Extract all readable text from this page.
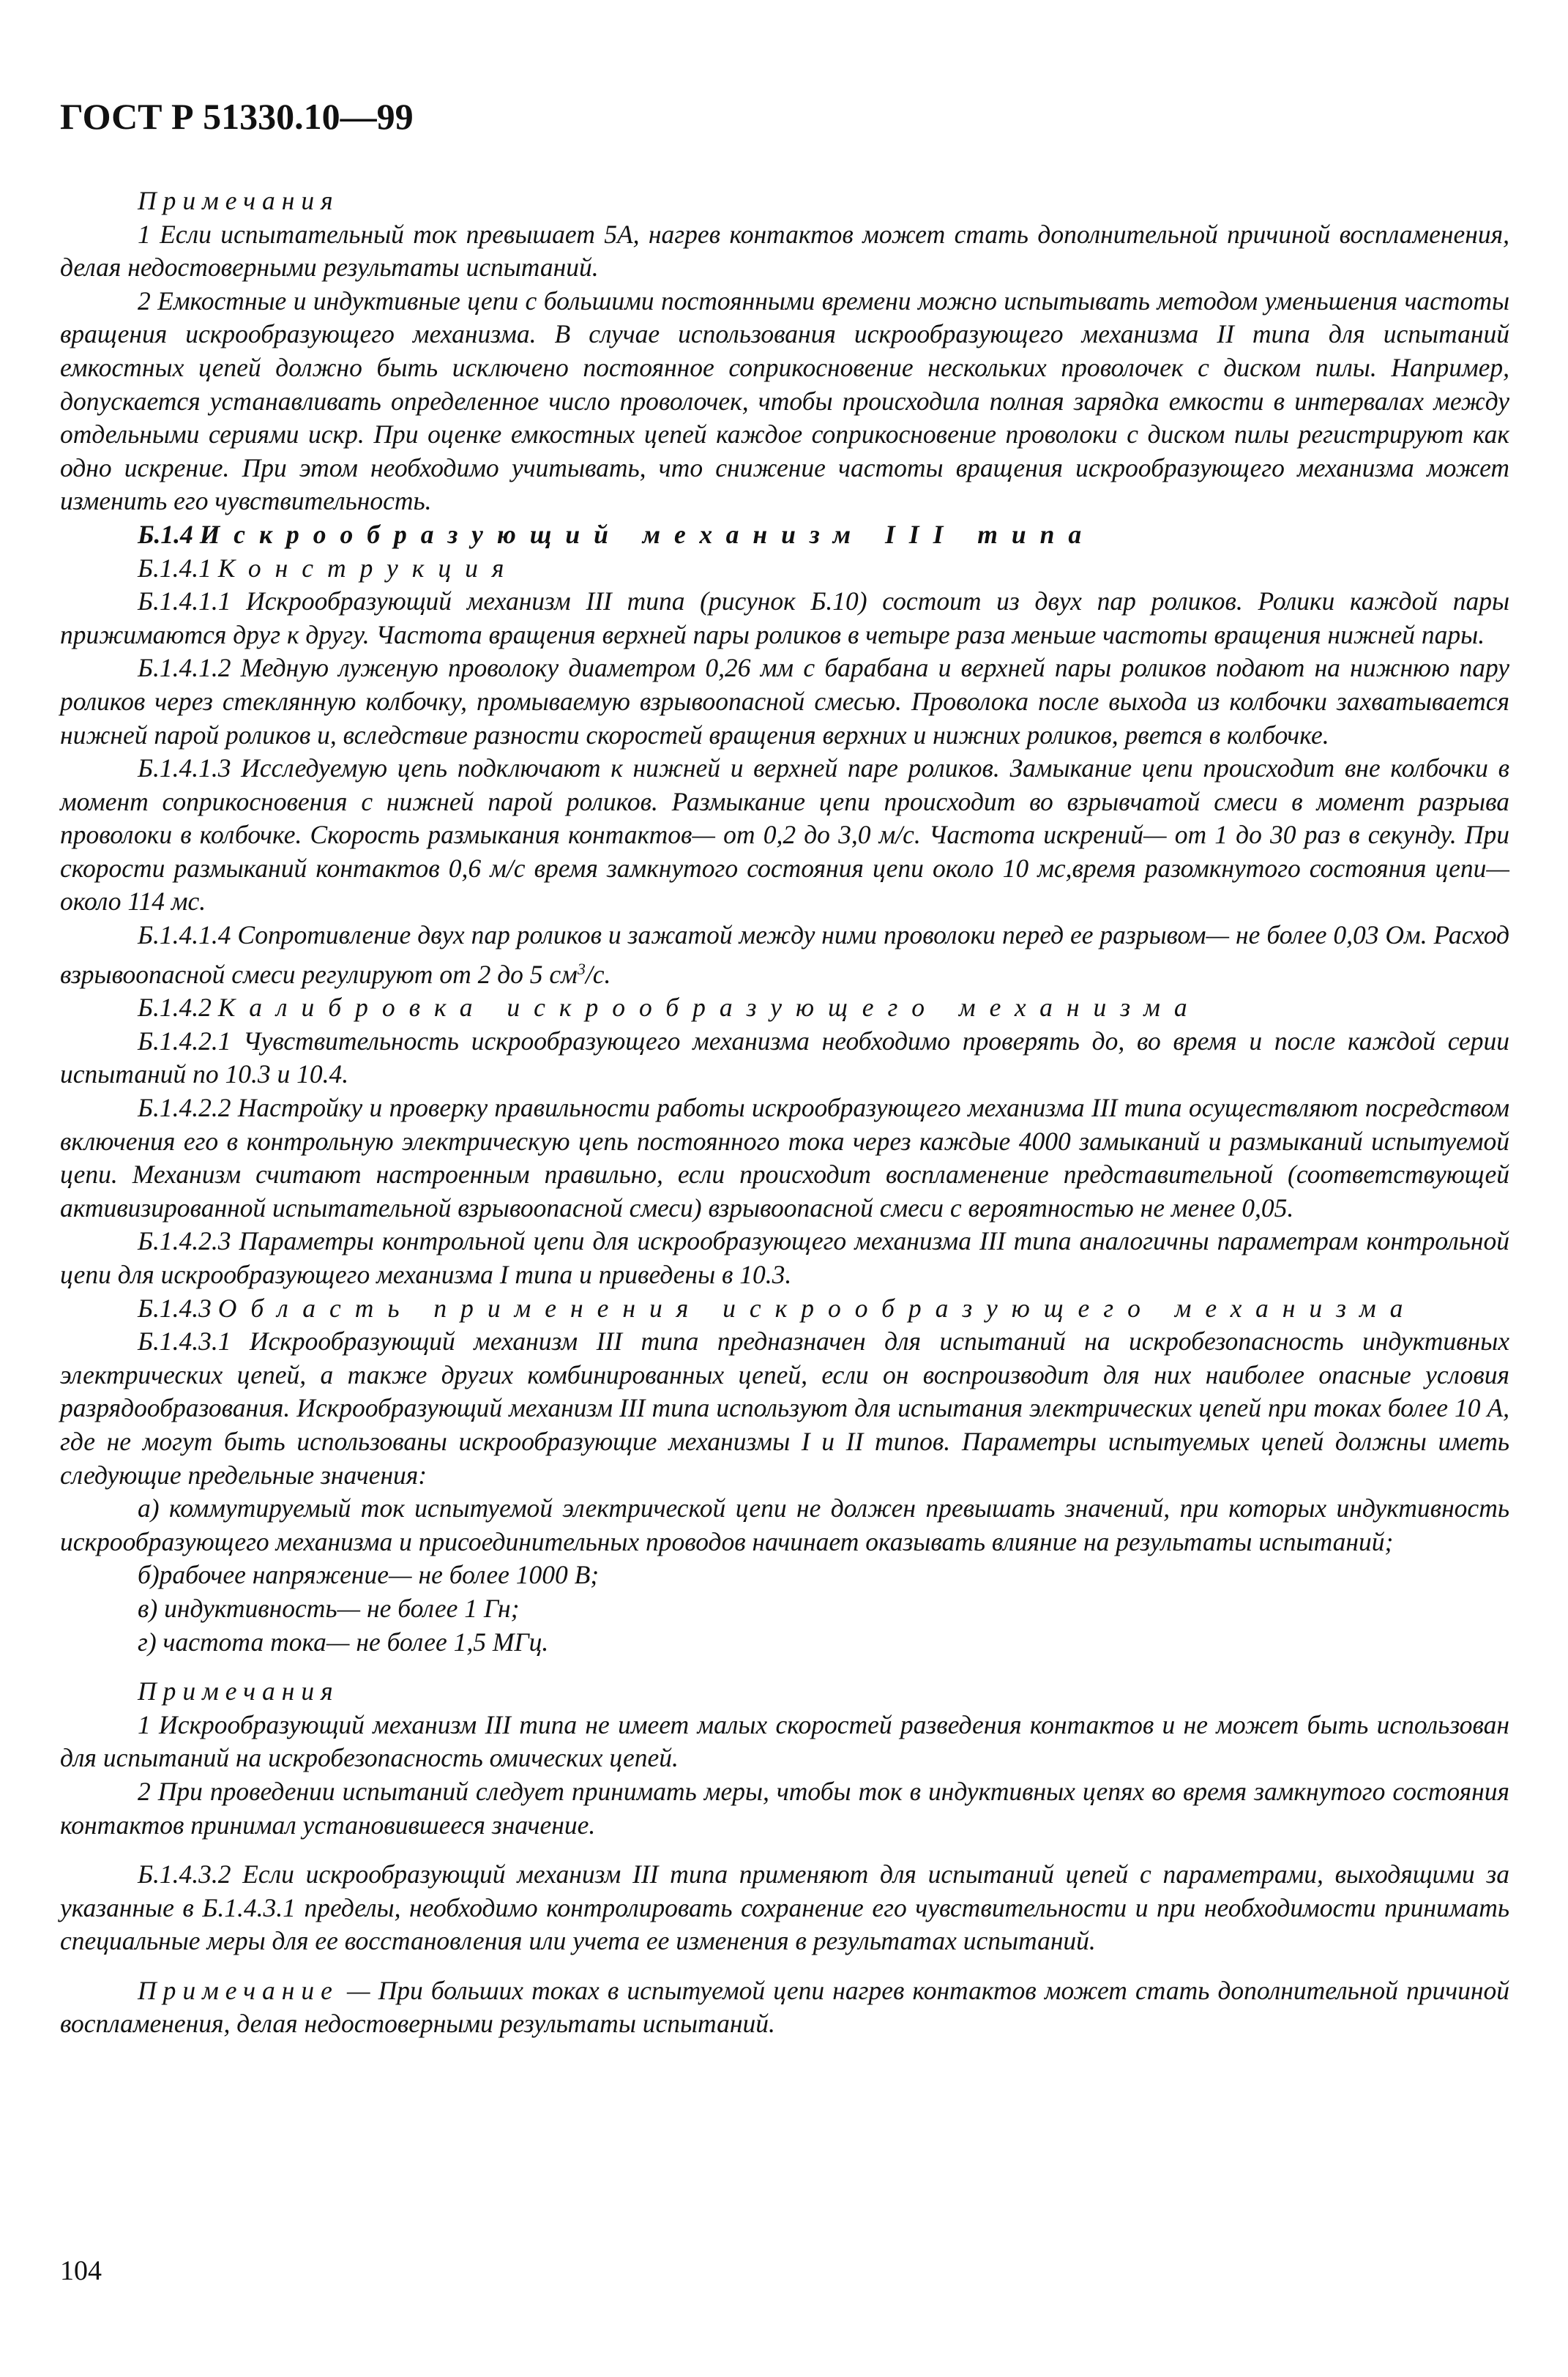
ГОСТ Р 51330.10—99

Примечания

1 Если испытательный ток превышает 5А, нагрев контактов может стать дополнительной причиной воспламенения, делая недостоверными результаты испытаний.

2 Емкостные и индуктивные цепи с большими постоянными времени можно испытывать методом уменьшения частоты вращения искрообразующего механизма. В случае использования искрообразующего механизма II типа для испытаний емкостных цепей должно быть исключено постоянное соприкосновение нескольких проволочек с диском пилы. Например, допускается устанавливать определенное число проволочек, чтобы происходила полная зарядка емкости в интервалах между отдельными сериями искр. При оценке емкостных цепей каждое соприкосновение проволоки с диском пилы регистрируют как одно искрение. При этом необходимо учитывать, что снижение частоты вращения искрообразующего механизма может изменить его чувствительность.

Б.1.4 Искрообразующий механизм III типа

Б.1.4.1 Конструкция

Б.1.4.1.1 Искрообразующий механизм III типа (рисунок Б.10) состоит из двух пар роликов. Ролики каждой пары прижимаются друг к другу. Частота вращения верхней пары роликов в четыре раза меньше частоты вращения нижней пары.

Б.1.4.1.2 Медную луженую проволоку диаметром 0,26 мм с барабана и верхней пары роликов подают на нижнюю пару роликов через стеклянную колбочку, промываемую взрывоопасной смесью. Проволока после выхода из колбочки захватывается нижней парой роликов и, вследствие разности скоростей вращения верхних и нижних роликов, рвется в колбочке.

Б.1.4.1.3 Исследуемую цепь подключают к нижней и верхней паре роликов. Замыкание цепи происходит вне колбочки в момент соприкосновения с нижней парой роликов. Размыкание цепи происходит во взрывчатой смеси в момент разрыва проволоки в колбочке. Скорость размыкания контактов— от 0,2 до 3,0 м/с. Частота искрений— от 1 до 30 раз в секунду. При скорости размыканий контактов 0,6 м/с время замкнутого состояния цепи около 10 мс,время разомкнутого состояния цепи— около 114 мс.

Б.1.4.1.4 Сопротивление двух пар роликов и зажатой между ними проволоки перед ее разрывом— не более 0,03 Ом. Расход взрывоопасной смеси регулируют от 2 до 5 $см^3/с$.

Б.1.4.2 Калибровка искрообразующего механизма

Б.1.4.2.1 Чувствительность искрообразующего механизма необходимо проверять до, во время и после каждой серии испытаний по 10.3 и 10.4.

Б.1.4.2.2 Настройку и проверку правильности работы искрообразующего механизма III типа осуществляют посредством включения его в контрольную электрическую цепь постоянного тока через каждые 4000 замыканий и размыканий испытуемой цепи. Механизм считают настроенным правильно, если происходит воспламенение представительной (соответствующей активизированной испытательной взрывоопасной смеси) взрывоопасной смеси с вероятностью не менее 0,05.

Б.1.4.2.3 Параметры контрольной цепи для искрообразующего механизма III типа аналогичны параметрам контрольной цепи для искрообразующего механизма I типа и приведены в 10.3.

Б.1.4.3 Область применения искрообразующего механизма

Б.1.4.3.1 Искрообразующий механизм III типа предназначен для испытаний на искробезопасность индуктивных электрических цепей, а также других комбинированных цепей, если он воспроизводит для них наиболее опасные условия разрядообразования. Искрообразующий механизм III типа используют для испытания электрических цепей при токах более 10 А, где не могут быть использованы искрообразующие механизмы I и II типов. Параметры испытуемых цепей должны иметь следующие предельные значения:

а) коммутируемый ток испытуемой электрической цепи не должен превышать значений, при которых индуктивность искрообразующего механизма и присоединительных проводов начинает оказывать влияние на результаты испытаний;

б)рабочее напряжение— не более 1000 В;

в) индуктивность— не более 1 Гн;

г) частота тока— не более 1,5 МГц.

Примечания

1 Искрообразующий механизм III типа не имеет малых скоростей разведения контактов и не может быть использован для испытаний на искробезопасность омических цепей.

2 При проведении испытаний следует принимать меры, чтобы ток в индуктивных цепях во время замкнутого состояния контактов принимал установившееся значение.

Б.1.4.3.2 Если искрообразующий механизм III типа применяют для испытаний цепей с параметрами, выходящими за указанные в Б.1.4.3.1 пределы, необходимо контролировать сохранение его чувствительности и при необходимости принимать специальные меры для ее восстановления или учета ее изменения в результатах испытаний.

Примечание — При больших токах в испытуемой цепи нагрев контактов может стать дополнительной причиной воспламенения, делая недостоверными результаты испытаний.

104
